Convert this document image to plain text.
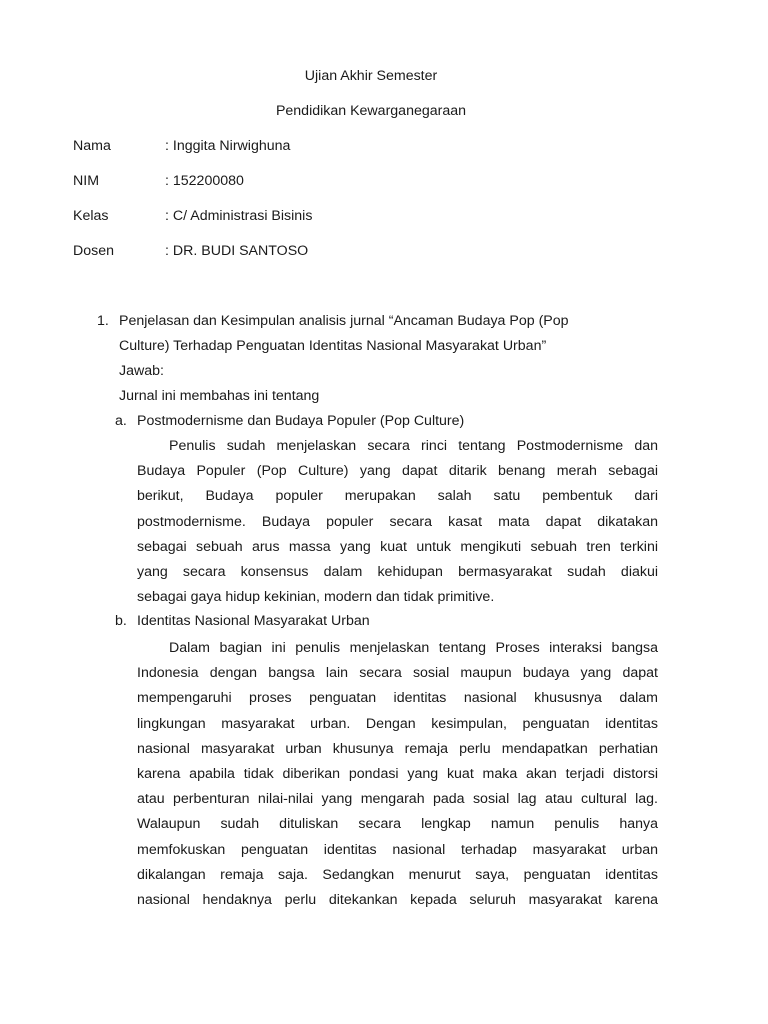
Ujian Akhir Semester
Pendidikan Kewarganegaraan
Nama	: Inggita Nirwighuna
NIM	: 152200080
Kelas	: C/ Administrasi Bisinis
Dosen	: DR. BUDI SANTOSO
1. Penjelasan dan Kesimpulan analisis jurnal “Ancaman Budaya Pop (Pop
Culture) Terhadap Penguatan Identitas Nasional Masyarakat Urban”
Jawab:
Jurnal ini membahas ini tentang
a. Postmodernisme dan Budaya Populer (Pop Culture)
Penulis sudah menjelaskan secara rinci tentang Postmodernisme dan
Budaya Populer (Pop Culture) yang dapat ditarik benang merah sebagai
berikut, Budaya populer merupakan salah satu pembentuk dari
postmodernisme. Budaya populer secara kasat mata dapat dikatakan
sebagai sebuah arus massa yang kuat untuk mengikuti sebuah tren terkini
yang secara konsensus dalam kehidupan bermasyarakat sudah diakui
sebagai gaya hidup kekinian, modern dan tidak primitive.
b. Identitas Nasional Masyarakat Urban
Dalam bagian ini penulis menjelaskan tentang Proses interaksi bangsa
Indonesia dengan bangsa lain secara sosial maupun budaya yang dapat
mempengaruhi proses penguatan identitas nasional khususnya dalam
lingkungan masyarakat urban. Dengan kesimpulan, penguatan identitas
nasional masyarakat urban khusunya remaja perlu mendapatkan perhatian
karena apabila tidak diberikan pondasi yang kuat maka akan terjadi distorsi
atau perbenturan nilai-nilai yang mengarah pada sosial lag atau cultural lag.
Walaupun sudah dituliskan secara lengkap namun penulis hanya
memfokuskan penguatan identitas nasional terhadap masyarakat urban
dikalangan remaja saja. Sedangkan menurut saya, penguatan identitas
nasional hendaknya perlu ditekankan kepada seluruh masyarakat karena
